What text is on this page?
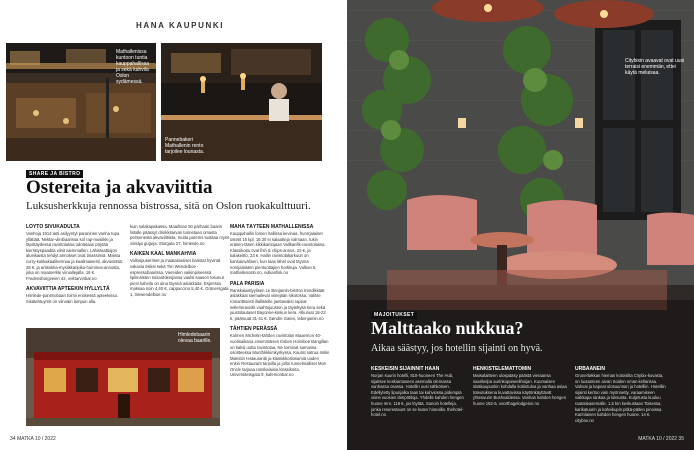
HANA KAUPUNKI
Mathallenissa kuntoon tuntia kauppahallissa ja sekä kahvila Oslon sydämessä.
Pannebakeri Mathallenin rento tarjoilee lounasta.
SHARE JA BISTRO
Ostereita ja akvaviittia
Luksusherkkuja rennossa bistrossa, sitä on Oslon ruokakulttuuri.
LÖYTÖ SIVUKADULTA

Vanhoja 1914 asti asilyyntyt paraninen vanha tupa yllättää. Nektar-viinibaarissa sol rap-musiikki ja täpötäydessä ravintolassa odotetaan pöytää kierrätyspaadita viinit aiemmallen. Lähistaattiajon alueikaista tehdyt annokset ovat tinassimiä. Maista curry-kukkakaalikermaa ja kaalimaisesti, akvavinttiä. 28 €, ja artisokka-mysiikkaripika-hummus-annosta, joka on maamerkki viiniallejalla. 16 €. Fredensborgveien 42, nektarvinbar.no

AKVAVIITTIA APTEEKIN HYLLYLTÄ

Himlede-panimobaari toimii entisessä apteekissa. Sisätahtuyrnit on viinoäin lampun alla.

kuin salakapakassa. Maailman 50 parhaan baarin listalle päässyt drinkkitarvan tunnetaan omasta pelmenestä akvaviittiista, mutta parems tuotitaa myös viiniäja gugeja. Storgata 27, himkede.no

KAIKEN KAAL MANKAHVIA

Vallospuserriset ja maatalousiset baristat hyvintä vakavia tisiksi sekä Tim Wendelboe -espressobaarissa. Viereiden vaikinpiseessä liplimäisten toisantokerjansa vaulsi saason tosunut pieni kahvila on aina täynnä asiakkaita. Espresso maksaa noin 4,40 €, cappuccino 5,40 €. Grünersgata 1, timwendelboe.no

MAHA TÄYTEEN MATHALLENISSA

Kauppahallin lomen hallissa kevinaa, hunrrjalaiset ostetit 16 kpl, 19.30 ei salaatteja valmaan, tukin eräsen-täsen kikkikantojaan Vallkanfik-ravintolassa. Klassikoita ovat fish & chips-annos, 23 €, ja kalakeitto, 23 €. Hallin ravintolakarkuun on kansainvälinen, kun taas lähel ovat täynnä nornjalaisten pientuottajien herkkuja. Vulkan 5, mathallenoslo.no, vulkanfisk.no

PALA PARISIA

Ranskalaistyylisen Le Benjamin-bistron trendikkäät asiakkaat siemailevat viinejään sikotossa. Valitse romanttisesti illallistelle jaettavaksi rapeat sellerinraviolit vaahtojuuston ja täyteltyitä kera sekä juustolautaset Bayonne-kinkun kera. Alkuruat 18-22 €, pääruuat 31-41 €. Søndre Gaten, lebenjamin.no

TÄHTIEN PERÄSSÄ

Kolmen Michelin-tähden ravintolan Maaemon 40-vuotisaikana ensimmäisen Esben Holmboe Bangillan on kaksi uutta ravintolaa. Ne toimivat samassa osoitteessa Munthkkkimkyrkyssa. Kaurat satrua mitiin Mønstin restaurantti ja klassikkoslosamiä uuden enkin Restaurant tarjoilla ja jolloi tunnelmalliset Mon Oncle tarjoaa ranskalaisia klassikoita. Universitetsgata 9, kafemonbar.no

Himledebaarin olevaa baarille.
34 MATKA 10 / 2022
Citybixin avaavat ovat uusi terraisi enemmän, ettei käytä meluisaa.
MAJOITUKSET
Malttaako nukkua?
Aikaa säästyy, jos hotellin sijainti on hyvä.
KESKEISIN SIJAINNIT HAAN

Norjan suurin hotelli, 818-huoneen The Hub, sijaitsee keskiantaseen asemalla olemassa vanhassa osassa. Hotellin uusi sähköinen. Edellytetty lipunjalka taas tai kahviossa pidempiä viime vuosien lämpötiloja. Yhdelle kahden hengen huone mrn. 118 €, jos löytää. Sanoin hotelleja, jonka reserestaunt on se kuten hinnoilla. thehotel-hotel.no

HENKISTELEMATTOMIN

Maisalaitteen ulospääsy päästä vieraansa saarikelpa aurinkopaneelihoijan. Kuumaisen sisäkaupunkin kohdalla kotiintuloa ja vanhaa asiaa toteutuksena kuvattavissa käytönkäyttävät yhtesuurin Bushvaldessa. Vanhan kahden hengen huone 182-ä. voorthagelodgeinn.no

URBAANEIN

Grunerløkkan hieman kotoisilta Citybix-kuvasta, on luutanteen aivan Soiden oman kellarissa. Vahvat ja kapeat ulosuunnan ja hotelliin. Hotelliin sijainti kertoo vain myönnetty, varaamiseen vaikkapa rankaa ja luksusta. Kuljetusta kuuluu rautatieasemalle. 1,5 km keskustaan Toisessa, karikatuurin ja kahvikupin pitkä-päiten pinoissa. Karinlainen kahden hengen huone. 14 €. citybox.no

MATKA 10 / 2022 35
